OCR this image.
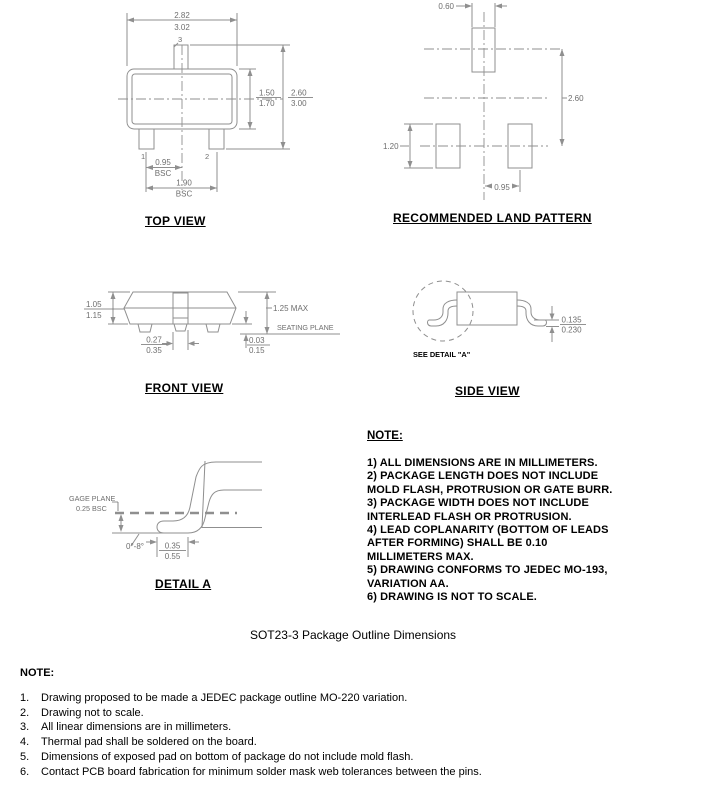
2.82
3.02
1.50
1.70
2.60
3.00
0.95
BSC
1.90
BSC
1	2
3
TOP VIEW
0.60
1.20
2.60
0.95
RECOMMENDED LAND PATTERN
1.05
1.15
1.25 MAX
SEATING PLANE
0.03
0.15
0.27
0.35
FRONT VIEW
0.135
0.230
SEE DETAIL "A"
SIDE VIEW
GAGE PLANE
0.25 BSC
0°-8°	0.35
0.55
DETAIL A
NOTE:
1) ALL DIMENSIONS ARE IN MILLIMETERS.
2) PACKAGE LENGTH DOES NOT INCLUDE
MOLD FLASH, PROTRUSION OR GATE BURR.
3) PACKAGE WIDTH DOES NOT INCLUDE
INTERLEAD FLASH OR PROTRUSION.
4) LEAD COPLANARITY (BOTTOM OF LEADS
AFTER FORMING) SHALL BE 0.10
MILLIMETERS MAX.
5) DRAWING CONFORMS TO JEDEC MO-193,
VARIATION AA.
6) DRAWING IS NOT TO SCALE.
SOT23-3 Package Outline Dimensions
NOTE:
1.	Drawing proposed to be made a JEDEC package outline MO-220 variation.
2.	Drawing not to scale.
3.	All linear dimensions are in millimeters.
4.	Thermal pad shall be soldered on the board.
5.	Dimensions of exposed pad on bottom of package do not include mold flash.
6.	Contact PCB board fabrication for minimum solder mask web tolerances between the pins.
